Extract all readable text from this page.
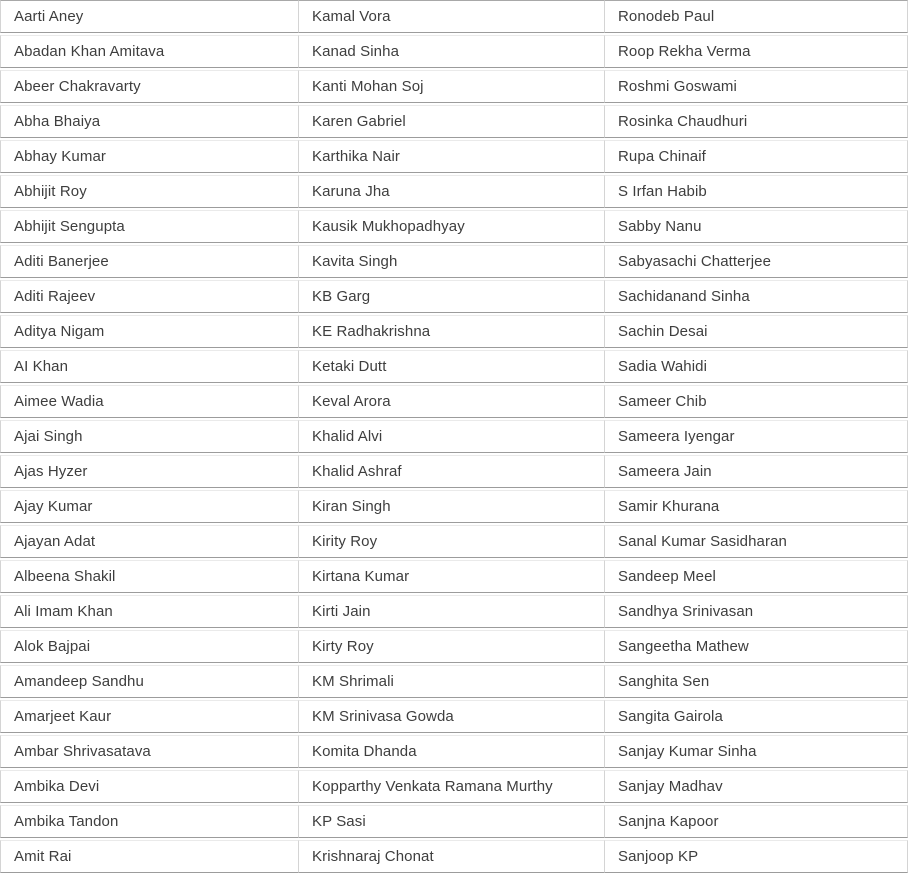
Aarti Aney	Kamal Vora	Ronodeb Paul
Abadan Khan Amitava	Kanad Sinha	Roop Rekha Verma
Abeer Chakravarty	Kanti Mohan Soj	Roshmi Goswami
Abha Bhaiya	Karen Gabriel	Rosinka Chaudhuri
Abhay Kumar	Karthika Nair	Rupa Chinaif
Abhijit Roy	Karuna Jha	S Irfan Habib
Abhijit Sengupta	Kausik Mukhopadhyay	Sabby Nanu
Aditi Banerjee	Kavita Singh	Sabyasachi Chatterjee
Aditi Rajeev	KB Garg	Sachidanand Sinha
Aditya Nigam	KE Radhakrishna	Sachin Desai
AI Khan	Ketaki Dutt	Sadia Wahidi
Aimee Wadia	Keval Arora	Sameer Chib
Ajai Singh	Khalid Alvi	Sameera Iyengar
Ajas Hyzer	Khalid Ashraf	Sameera Jain
Ajay Kumar	Kiran Singh	Samir Khurana
Ajayan Adat	Kirity Roy	Sanal Kumar Sasidharan
Albeena Shakil	Kirtana Kumar	Sandeep Meel
Ali Imam Khan	Kirti Jain	Sandhya Srinivasan
Alok Bajpai	Kirty Roy	Sangeetha Mathew
Amandeep Sandhu	KM Shrimali	Sanghita Sen
Amarjeet Kaur	KM Srinivasa Gowda	Sangita Gairola
Ambar Shrivasatava	Komita Dhanda	Sanjay Kumar Sinha
Ambika Devi	Kopparthy Venkata Ramana Murthy	Sanjay Madhav
Ambika Tandon	KP Sasi	Sanjna Kapoor
Amit Rai	Krishnaraj Chonat	Sanjoop KP
